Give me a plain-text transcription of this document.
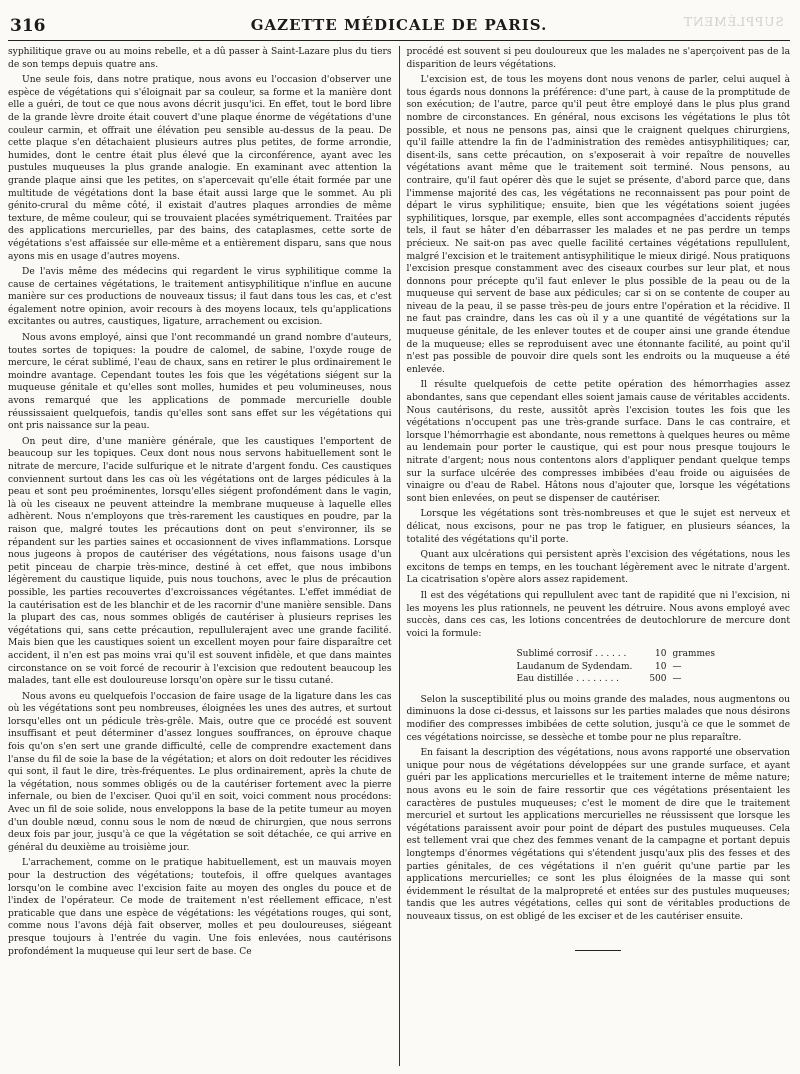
316	GAZETTE MÉDICALE DE PARIS.	SUPPLÉMENT

syphilitique grave ou au moins rebelle, et a dû passer à Saint-Lazare plus du tiers de son temps depuis quatre ans.

Une seule fois, dans notre pratique, nous avons eu l'occasion d'observer une espèce de végétations qui s'éloignait par sa couleur, sa forme et la manière dont elle a guéri, de tout ce que nous avons décrit jusqu'ici. En effet, tout le bord libre de la grande lèvre droite était couvert d'une plaque énorme de végétations d'une couleur carmin, et offrait une élévation peu sensible au-dessus de la peau. De cette plaque s'en détachaient plusieurs autres plus petites, de forme arrondie, humides, dont le centre était plus élevé que la circonférence, ayant avec les pustules muqueuses la plus grande analogie. En examinant avec attention la grande plaque ainsi que les petites, on s'apercevait qu'elle était formée par une multitude de végétations dont la base était aussi large que le sommet. Au pli génito-crural du même côté, il existait d'autres plaques arrondies de même texture, de même couleur, qui se trouvaient placées symétriquement. Traitées par des applications mercurielles, par des bains, des cataplasmes, cette sorte de végétations s'est affaissée sur elle-même et a entièrement disparu, sans que nous ayons mis en usage d'autres moyens.

De l'avis même des médecins qui regardent le virus syphilitique comme la cause de certaines végétations, le traitement antisyphilitique n'influe en aucune manière sur ces productions de nouveaux tissus; il faut dans tous les cas, et c'est également notre opinion, avoir recours à des moyens locaux, tels qu'applications excitantes ou autres, caustiques, ligature, arrachement ou excision.

Nous avons employé, ainsi que l'ont recommandé un grand nombre d'auteurs, toutes sortes de topiques: la poudre de calomel, de sabine, l'oxyde rouge de mercure, le cérat sublimé, l'eau de chaux, sans en retirer le plus ordinairement le moindre avantage. Cependant toutes les fois que les végétations siégent sur la muqueuse génitale et qu'elles sont molles, humides et peu volumineuses, nous avons remarqué que les applications de pommade mercurielle double réussissaient quelquefois, tandis qu'elles sont sans effet sur les végétations qui ont pris naissance sur la peau.

On peut dire, d'une manière générale, que les caustiques l'emportent de beaucoup sur les topiques. Ceux dont nous nous servons habituellement sont le nitrate de mercure, l'acide sulfurique et le nitrate d'argent fondu. Ces caustiques conviennent surtout dans les cas où les végétations ont de larges pédicules à la peau et sont peu proéminentes, lorsqu'elles siégent profondément dans le vagin, là où les ciseaux ne peuvent atteindre la membrane muqueuse à laquelle elles adhèrent. Nous n'employons que très-rarement les caustiques en poudre, par la raison que, malgré toutes les précautions dont on peut s'environner, ils se répandent sur les parties saines et occasionnent de vives inflammations. Lorsque nous jugeons à propos de cautériser des végétations, nous faisons usage d'un petit pinceau de charpie très-mince, destiné à cet effet, que nous imbibons légèrement du caustique liquide, puis nous touchons, avec le plus de précaution possible, les parties recouvertes d'excroissances végétantes. L'effet immédiat de la cautérisation est de les blanchir et de les racornir d'une manière sensible. Dans la plupart des cas, nous sommes obligés de cautériser à plusieurs reprises les végétations qui, sans cette précaution, repullulerajent avec une grande facilité. Mais bien que les caustiques soient un excellent moyen pour faire disparaître cet accident, il n'en est pas moins vrai qu'il est souvent infidèle, et que dans maintes circonstance on se voit forcé de recourir à l'excision que redoutent beaucoup les malades, tant elle est douloureuse lorsqu'on opère sur le tissu cutané.

Nous avons eu quelquefois l'occasion de faire usage de la ligature dans les cas où les végétations sont peu nombreuses, éloignées les unes des autres, et surtout lorsqu'elles ont un pédicule très-grêle. Mais, outre que ce procédé est souvent insuffisant et peut déterminer d'assez longues souffrances, on éprouve chaque fois qu'on s'en sert une grande difficulté, celle de comprendre exactement dans l'anse du fil de soie la base de la végétation; et alors on doit redouter les récidives qui sont, il faut le dire, très-fréquentes. Le plus ordinairement, après la chute de la végétation, nous sommes obligés ou de la cautériser fortement avec la pierre infernale, ou bien de l'exciser. Quoi qu'il en soit, voici comment nous procédons: Avec un fil de soie solide, nous enveloppons la base de la petite tumeur au moyen d'un double nœud, connu sous le nom de nœud de chirurgien, que nous serrons deux fois par jour, jusqu'à ce que la végétation se soit détachée, ce qui arrive en général du deuxième au troisième jour.

L'arrachement, comme on le pratique habituellement, est un mauvais moyen pour la destruction des végétations; toutefois, il offre quelques avantages lorsqu'on le combine avec l'excision faite au moyen des ongles du pouce et de l'index de l'opérateur. Ce mode de traitement n'est réellement efficace, n'est praticable que dans une espèce de végétations: les végétations rouges, qui sont, comme nous l'avons déjà fait observer, molles et peu douloureuses, siégeant presque toujours à l'entrée du vagin. Une fois enlevées, nous cautérisons profondément la muqueuse qui leur sert de base. Ce

procédé est souvent si peu douloureux que les malades ne s'aperçoivent pas de la disparition de leurs végétations.

L'excision est, de tous les moyens dont nous venons de parler, celui auquel à tous égards nous donnons la préférence: d'une part, à cause de la promptitude de son exécution; de l'autre, parce qu'il peut être employé dans le plus plus grand nombre de circonstances. En général, nous excisons les végétations le plus tôt possible, et nous ne pensons pas, ainsi que le craignent quelques chirurgiens, qu'il faille attendre la fin de l'administration des remèdes antisyphilitiques; car, disent-ils, sans cette précaution, on s'exposerait à voir repaître de nouvelles végétations avant même que le traitement soit terminé. Nous pensons, au contraire, qu'il faut opérer dès que le sujet se présente, d'abord parce que, dans l'immense majorité des cas, les végétations ne reconnaissent pas pour point de départ le virus syphilitique; ensuite, bien que les végétations soient jugées syphilitiques, lorsque, par exemple, elles sont accompagnées d'accidents réputés tels, il faut se hâter d'en débarrasser les malades et ne pas perdre un temps précieux. Ne sait-on pas avec quelle facilité certaines végétations repullulent, malgré l'excision et le traitement antisyphilitique le mieux dirigé. Nous pratiquons l'excision presque constamment avec des ciseaux courbes sur leur plat, et nous donnons pour précepte qu'il faut enlever le plus possible de la peau ou de la muqueuse qui servent de base aux pédicules; car si on se contente de couper au niveau de la peau, il se passe très-peu de jours entre l'opération et la récidive. Il ne faut pas craindre, dans les cas où il y a une quantité de végétations sur la muqueuse génitale, de les enlever toutes et de couper ainsi une grande étendue de la muqueuse; elles se reproduisent avec une étonnante facilité, au point qu'il n'est pas possible de pouvoir dire quels sont les endroits ou la muqueuse a été enlevée.

Il résulte quelquefois de cette petite opération des hémorrhagies assez abondantes, sans que cependant elles soient jamais cause de véritables accidents. Nous cautérisons, du reste, aussitôt après l'excision toutes les fois que les végétations n'occupent pas une très-grande surface. Dans le cas contraire, et lorsque l'hémorrhagie est abondante, nous remettons à quelques heures ou même au lendemain pour porter le caustique, qui est pour nous presque toujours le nitrate d'argent; nous nous contentons alors d'appliquer pendant quelque temps sur la surface ulcérée des compresses imbibées d'eau froide ou aiguisées de vinaigre ou d'eau de Rabel. Hâtons nous d'ajouter que, lorsque les végétations sont bien enlevées, on peut se dispenser de cautériser.

Lorsque les végétations sont très-nombreuses et que le sujet est nerveux et délicat, nous excisons, pour ne pas trop le fatiguer, en plusieurs séances, la totalité des végétations qu'il porte.

Quant aux ulcérations qui persistent après l'excision des végétations, nous les excitons de temps en temps, en les touchant légèrement avec le nitrate d'argent. La cicatrisation s'opère alors assez rapidement.

Il est des végétations qui repullulent avec tant de rapidité que ni l'excision, ni les moyens les plus rationnels, ne peuvent les détruire. Nous avons employé avec succès, dans ces cas, les lotions concentrées de deutochlorure de mercure dont voici la formule:

Sublimé corrosif . . . . . .	10 grammes
Laudanum de Sydendam.	10 —
Eau distillée . . . . . . . .	500 —

Selon la susceptibilité plus ou moins grande des malades, nous augmentons ou diminuons la dose ci-dessus, et laissons sur les parties malades que nous désirons modifier des compresses imbibées de cette solution, jusqu'à ce que le sommet de ces végétations noircisse, se dessèche et tombe pour ne plus reparaître.

En faisant la description des végétations, nous avons rapporté une observation unique pour nous de végétations développées sur une grande surface, et ayant guéri par les applications mercurielles et le traitement interne de même nature; nous avons eu le soin de faire ressortir que ces végétations présentaient les caractères de pustules muqueuses; c'est le moment de dire que le traitement mercuriel et surtout les applications mercurielles ne réussissent que lorsque les végétations paraissent avoir pour point de départ des pustules muqueuses. Cela est tellement vrai que chez des femmes venant de la campagne et portant depuis longtemps d'énormes végétations qui s'étendent jusqu'aux plis des fesses et des parties génitales, de ces végétations il n'en guérit qu'une partie par les applications mercurielles; ce sont les plus éloignées de la masse qui sont évidemment le résultat de la malpropreté et entées sur des pustules muqueuses; tandis que les autres végétations, celles qui sont de véritables productions de nouveaux tissus, on est obligé de les exciser et de les cautériser ensuite.
